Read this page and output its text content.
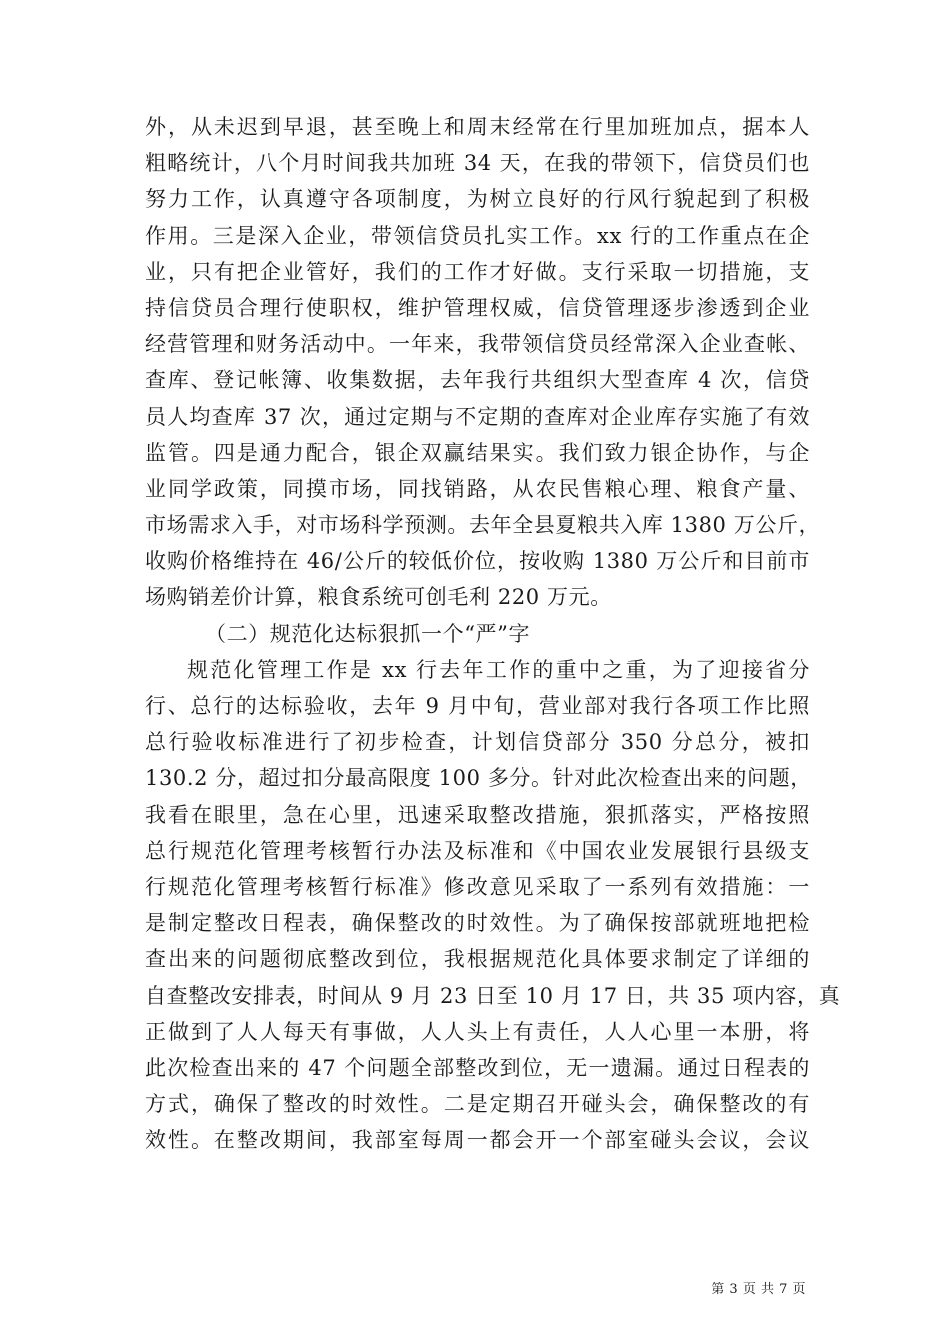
外，从未迟到早退，甚至晚上和周末经常在行里加班加点，据本人
粗略统计，八个月时间我共加班 34 天，在我的带领下，信贷员们也
努力工作，认真遵守各项制度，为树立良好的行风行貌起到了积极
作用。三是深入企业，带领信贷员扎实工作。xx 行的工作重点在企
业，只有把企业管好，我们的工作才好做。支行采取一切措施，支
持信贷员合理行使职权，维护管理权威，信贷管理逐步渗透到企业
经营管理和财务活动中。一年来，我带领信贷员经常深入企业查帐、
查库、登记帐簿、收集数据，去年我行共组织大型查库 4 次，信贷
员人均查库 37 次，通过定期与不定期的查库对企业库存实施了有效
监管。四是通力配合，银企双赢结果实。我们致力银企协作，与企
业同学政策，同摸市场，同找销路，从农民售粮心理、粮食产量、
市场需求入手，对市场科学预测。去年全县夏粮共入库 1380 万公斤，
收购价格维持在 46/公斤的较低价位，按收购 1380 万公斤和目前市
场购销差价计算，粮食系统可创毛利 220 万元。
（二）规范化达标狠抓一个“严”字
规范化管理工作是 xx 行去年工作的重中之重，为了迎接省分
行、总行的达标验收，去年 9 月中旬，营业部对我行各项工作比照
总行验收标准进行了初步检查，计划信贷部分 350 分总分，被扣
130.2 分，超过扣分最高限度 100 多分。针对此次检查出来的问题，
我看在眼里，急在心里，迅速采取整改措施，狠抓落实，严格按照
总行规范化管理考核暂行办法及标准和《中国农业发展银行县级支
行规范化管理考核暂行标准》修改意见采取了一系列有效措施：一
是制定整改日程表，确保整改的时效性。为了确保按部就班地把检
查出来的问题彻底整改到位，我根据规范化具体要求制定了详细的
自查整改安排表，时间从 9 月 23 日至 10 月 17 日，共 35 项内容，真
正做到了人人每天有事做，人人头上有责任，人人心里一本册，将
此次检查出来的 47 个问题全部整改到位，无一遗漏。通过日程表的
方式，确保了整改的时效性。二是定期召开碰头会，确保整改的有
效性。在整改期间，我部室每周一都会开一个部室碰头会议，会议
第 3 页 共 7 页
